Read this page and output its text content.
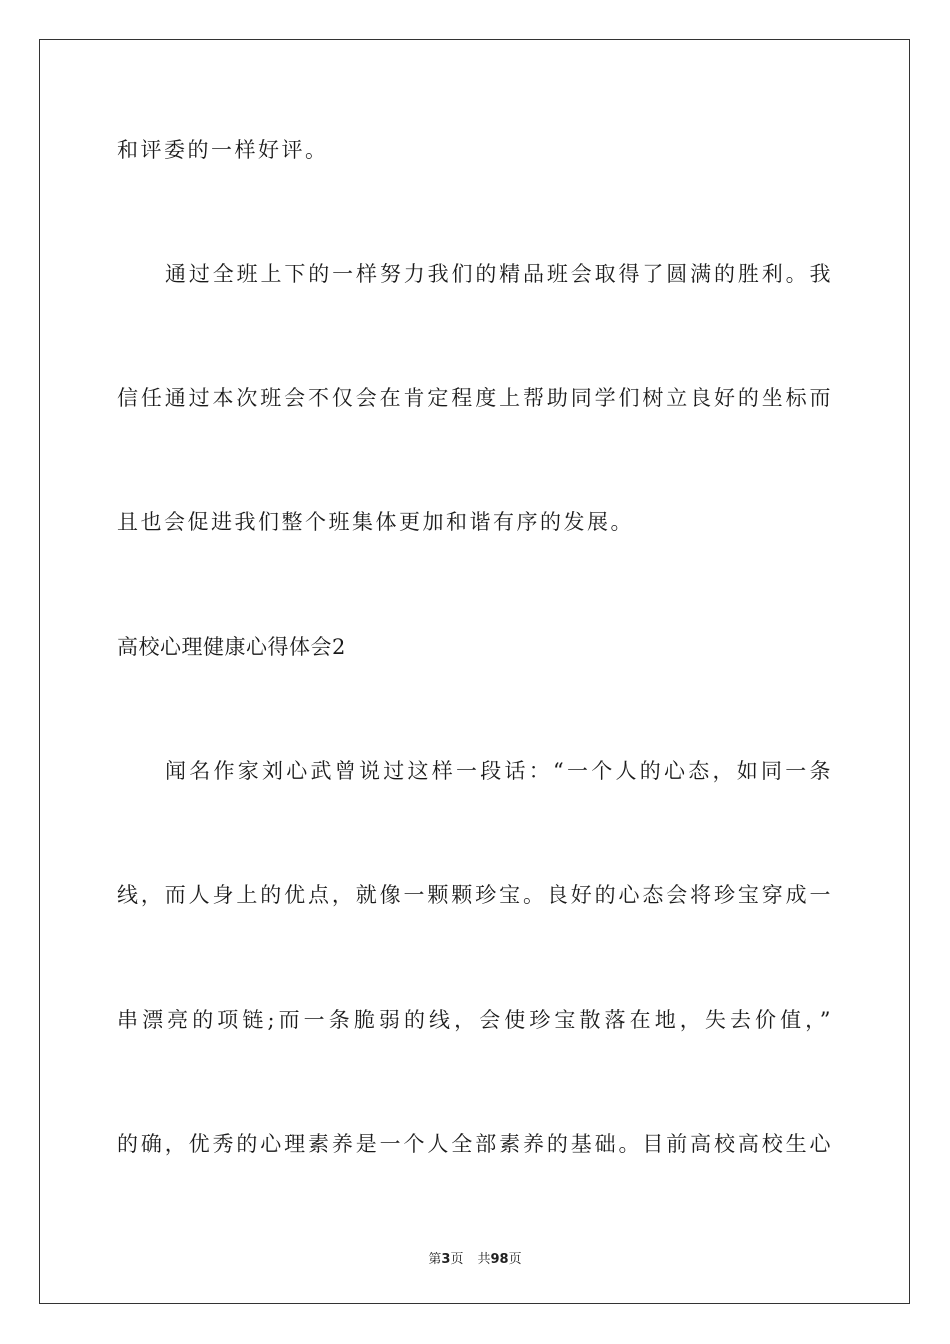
和评委的一样好评。
通过全班上下的一样努力我们的精品班会取得了圆满的胜利。我
信任通过本次班会不仅会在肯定程度上帮助同学们树立良好的坐标而
且也会促进我们整个班集体更加和谐有序的发展。
高校心理健康心得体会2
闻名作家刘心武曾说过这样一段话：“一个人的心态，如同一条
线，而人身上的优点，就像一颗颗珍宝。良好的心态会将珍宝穿成一
串漂亮的项链;而一条脆弱的线，会使珍宝散落在地，失去价值，”
的确，优秀的心理素养是一个人全部素养的基础。目前高校高校生心
第3页 共98页
